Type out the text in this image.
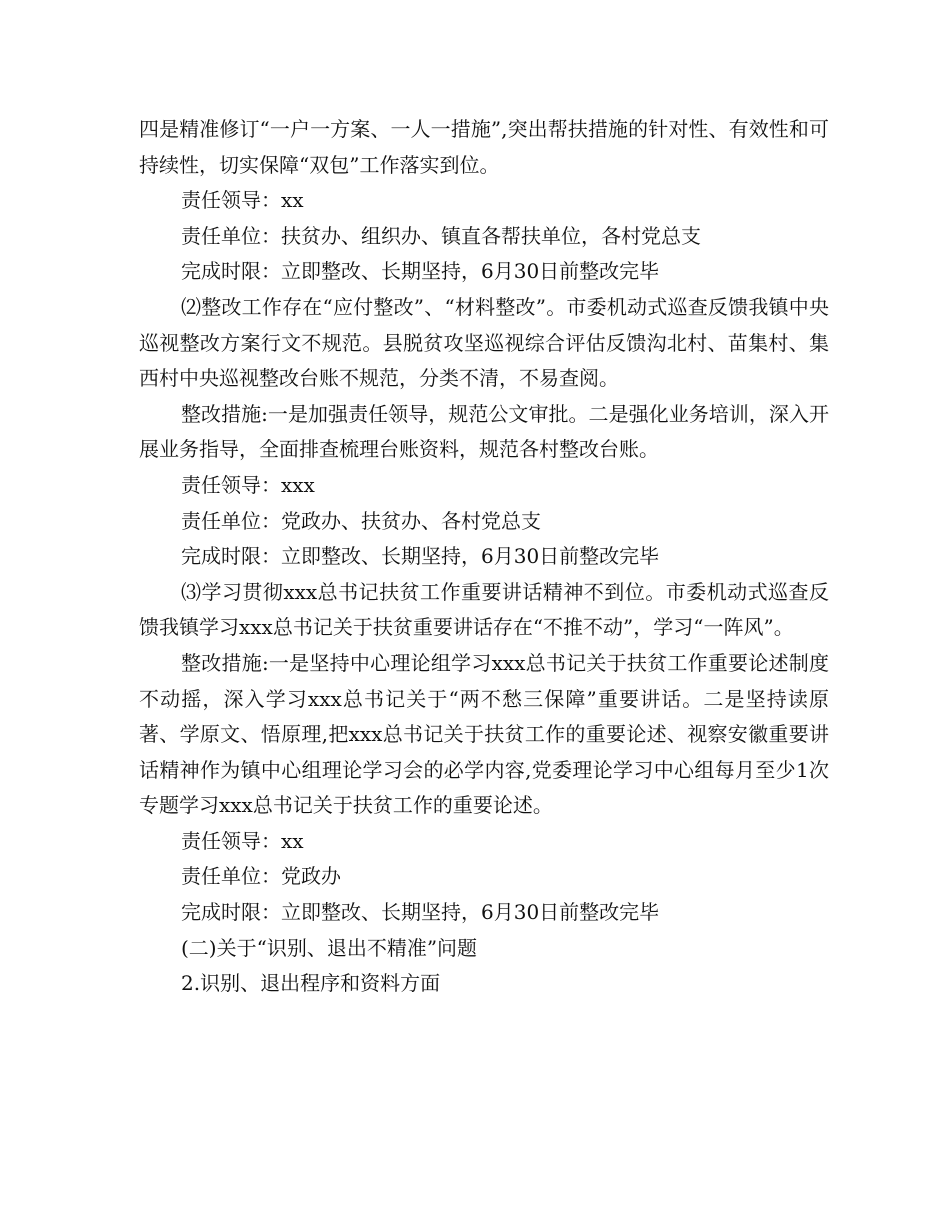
四是精准修订“一户一方案、一人一措施”,突出帮扶措施的针对性、有效性和可持续性，切实保障“双包”工作落实到位。

责任领导：xx

责任单位：扶贫办、组织办、镇直各帮扶单位，各村党总支

完成时限：立即整改、长期坚持，6月30日前整改完毕

⑵整改工作存在“应付整改”、“材料整改”。市委机动式巡查反馈我镇中央巡视整改方案行文不规范。县脱贫攻坚巡视综合评估反馈沟北村、苗集村、集西村中央巡视整改台账不规范，分类不清，不易查阅。

整改措施:一是加强责任领导，规范公文审批。二是强化业务培训，深入开展业务指导，全面排查梳理台账资料，规范各村整改台账。

责任领导：xxx

责任单位：党政办、扶贫办、各村党总支

完成时限：立即整改、长期坚持，6月30日前整改完毕

⑶学习贯彻xxx总书记扶贫工作重要讲话精神不到位。市委机动式巡查反馈我镇学习xxx总书记关于扶贫重要讲话存在“不推不动”，学习“一阵风”。

整改措施:一是坚持中心理论组学习xxx总书记关于扶贫工作重要论述制度不动摇，深入学习xxx总书记关于“两不愁三保障”重要讲话。二是坚持读原著、学原文、悟原理,把xxx总书记关于扶贫工作的重要论述、视察安徽重要讲话精神作为镇中心组理论学习会的必学内容,党委理论学习中心组每月至少1次专题学习xxx总书记关于扶贫工作的重要论述。

责任领导：xx

责任单位：党政办

完成时限：立即整改、长期坚持，6月30日前整改完毕

(二)关于“识别、退出不精准”问题

2.识别、退出程序和资料方面
